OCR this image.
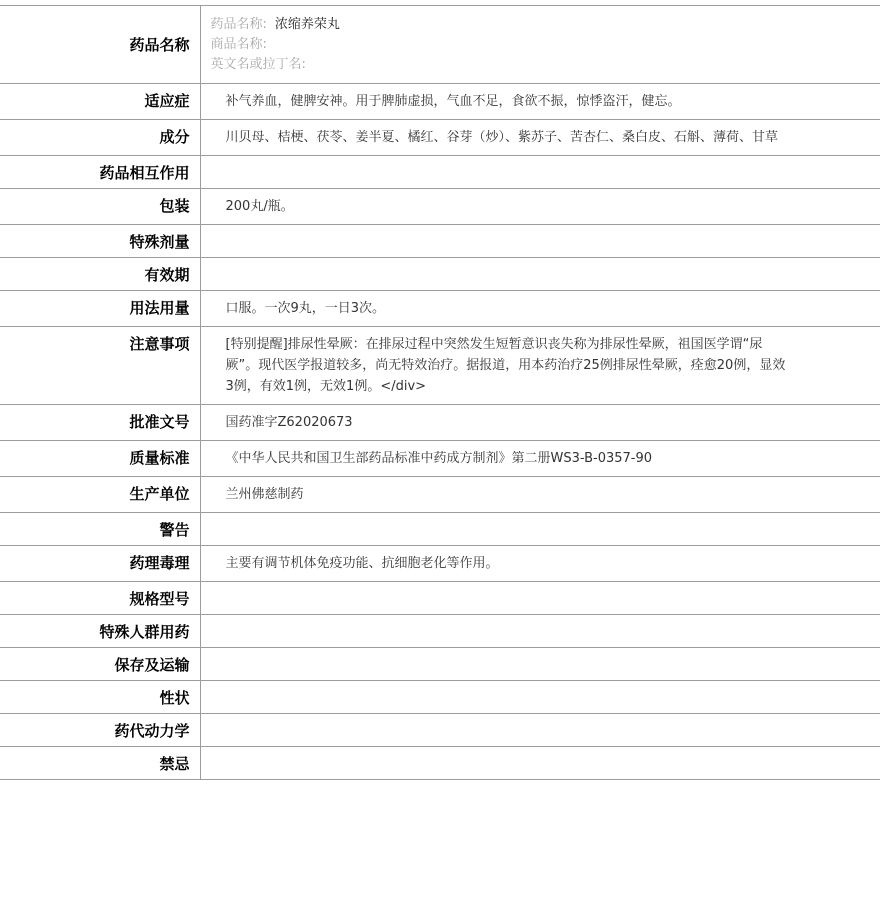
药品名称	药品名称: 浓缩养荣丸
商品名称:
英文名或拉丁名:

适应症	补气养血，健脾安神。用于脾肺虚损，气血不足，食欲不振，惊悸盗汗，健忘。
成分	川贝母、桔梗、茯苓、姜半夏、橘红、谷芽（炒）、紫苏子、苦杏仁、桑白皮、石斛、薄荷、甘草
药品相互作用	
包装	200丸/瓶。
特殊剂量	
有效期	
用法用量	口服。一次9丸，一日3次。
注意事项	[特别提醒]排尿性晕厥：在排尿过程中突然发生短暂意识丧失称为排尿性晕厥，祖国医学谓“尿厥”。现代医学报道较多，尚无特效治疗。据报道，用本药治疗25例排尿性晕厥，痊愈20例，显效3例，有效1例，无效1例。</div>
批准文号	国药准字Z62020673
质量标准	《中华人民共和国卫生部药品标准中药成方制剂》第二册WS3-B-0357-90
生产单位	兰州佛慈制药
警告	
药理毒理	主要有调节机体免疫功能、抗细胞老化等作用。
规格型号	
特殊人群用药	
保存及运输	
性状	
药代动力学	
禁忌	
